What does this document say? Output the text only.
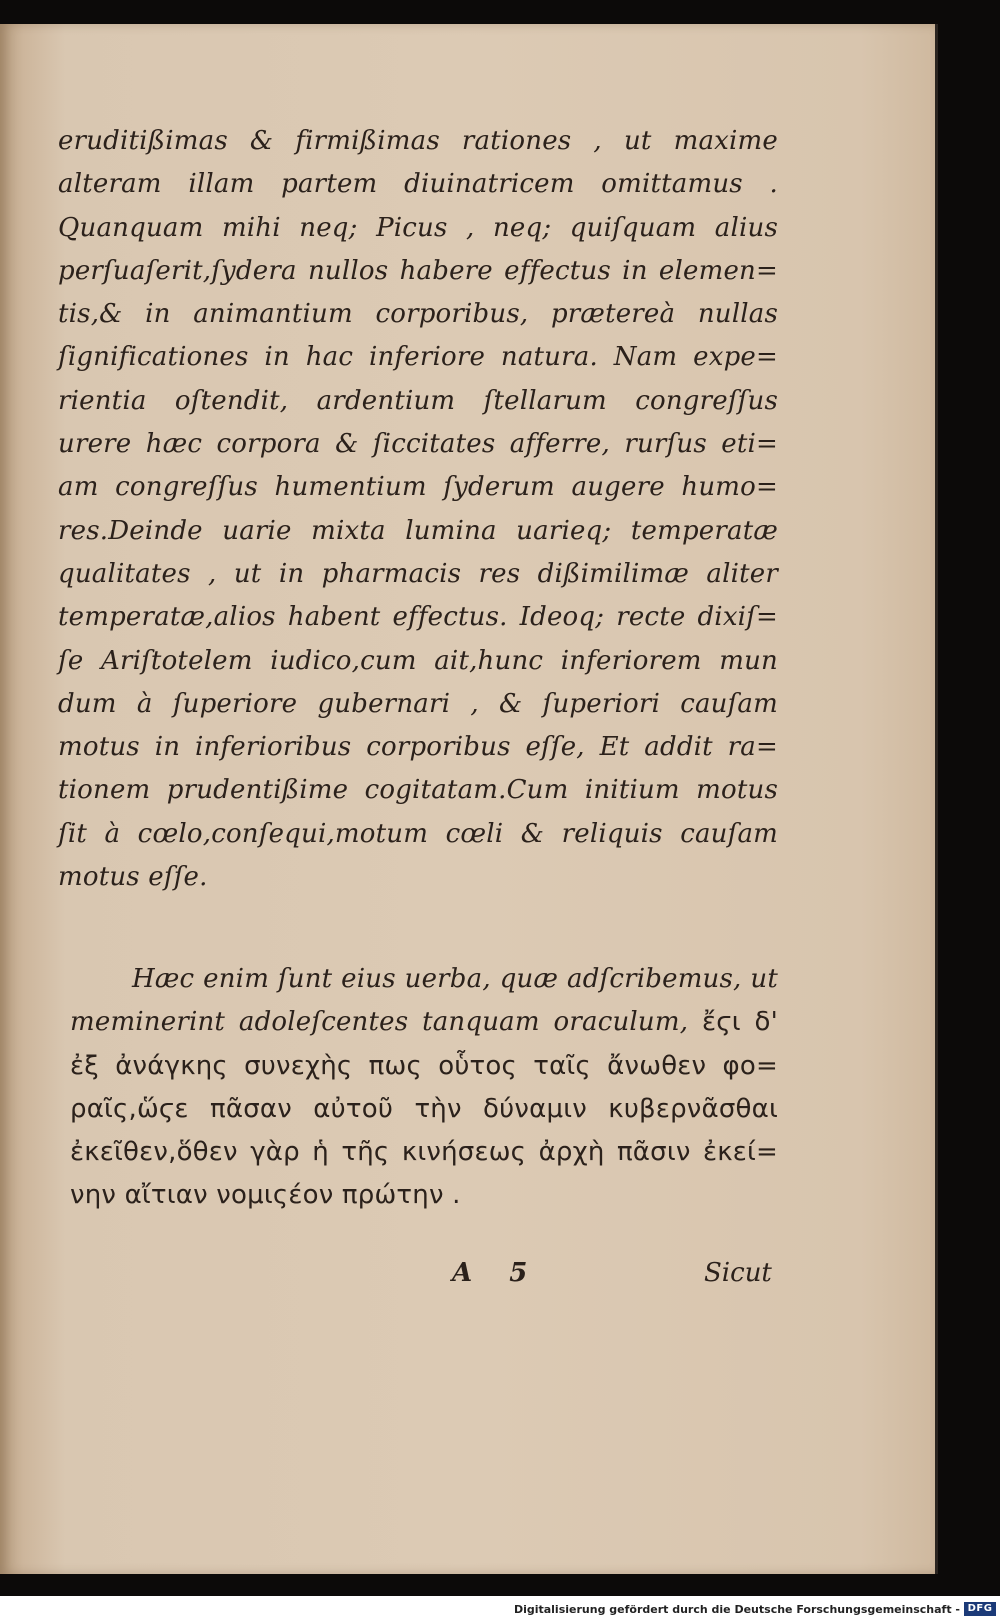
eruditißimas & firmißimas rationes , ut maxime
alteram illam partem diuinatricem omittamus .
Quanquam mihi neq; Picus , neq; quiſquam alius
perſuaſerit,ſydera nullos habere effectus in elemen=
tis,& in animantium corporibus, prætereà nullas
ſignificationes in hac inferiore natura. Nam expe=
rientia oſtendit, ardentium ſtellarum congreſſus
urere hæc corpora & ſiccitates afferre, rurſus eti=
am congreſſus humentium ſyderum augere humo=
res.Deinde uarie mixta lumina uarieq; temperatæ
qualitates , ut in pharmacis res dißimilimæ aliter
temperatæ,alios habent effectus. Ideoq; recte dixiſ=
ſe Ariſtotelem iudico,cum ait,hunc inferiorem mun
dum à ſuperiore gubernari , & ſuperiori cauſam
motus in inferioribus corporibus eſſe, Et addit ra=
tionem prudentißime cogitatam.Cum initium motus
ſit à cœlo,conſequi,motum cœli & reliquis cauſam
motus eſſe.
Hæc enim ſunt eius uerba, quæ adſcribemus, ut
meminerint adoleſcentes tanquam oraculum, ἔϛι δ'
ἐξ ἀνάγκης συνεχὴς πως οὗτος ταῖς ἄνωθεν φο=
ραῖς,ὥϛε πᾶσαν αὐτοῦ τὴν δύναμιν κυβερνᾶσθαι
ἐκεῖθεν,ὅθεν γὰρ ἡ τῆς κινήσεως ἀρχὴ πᾶσιν ἐκεί=
νην αἴτιαν νομιςέον πρώτην .
A 5	Sicut
Digitalisierung gefördert durch die Deutsche Forschungsgemeinschaft - DFG
